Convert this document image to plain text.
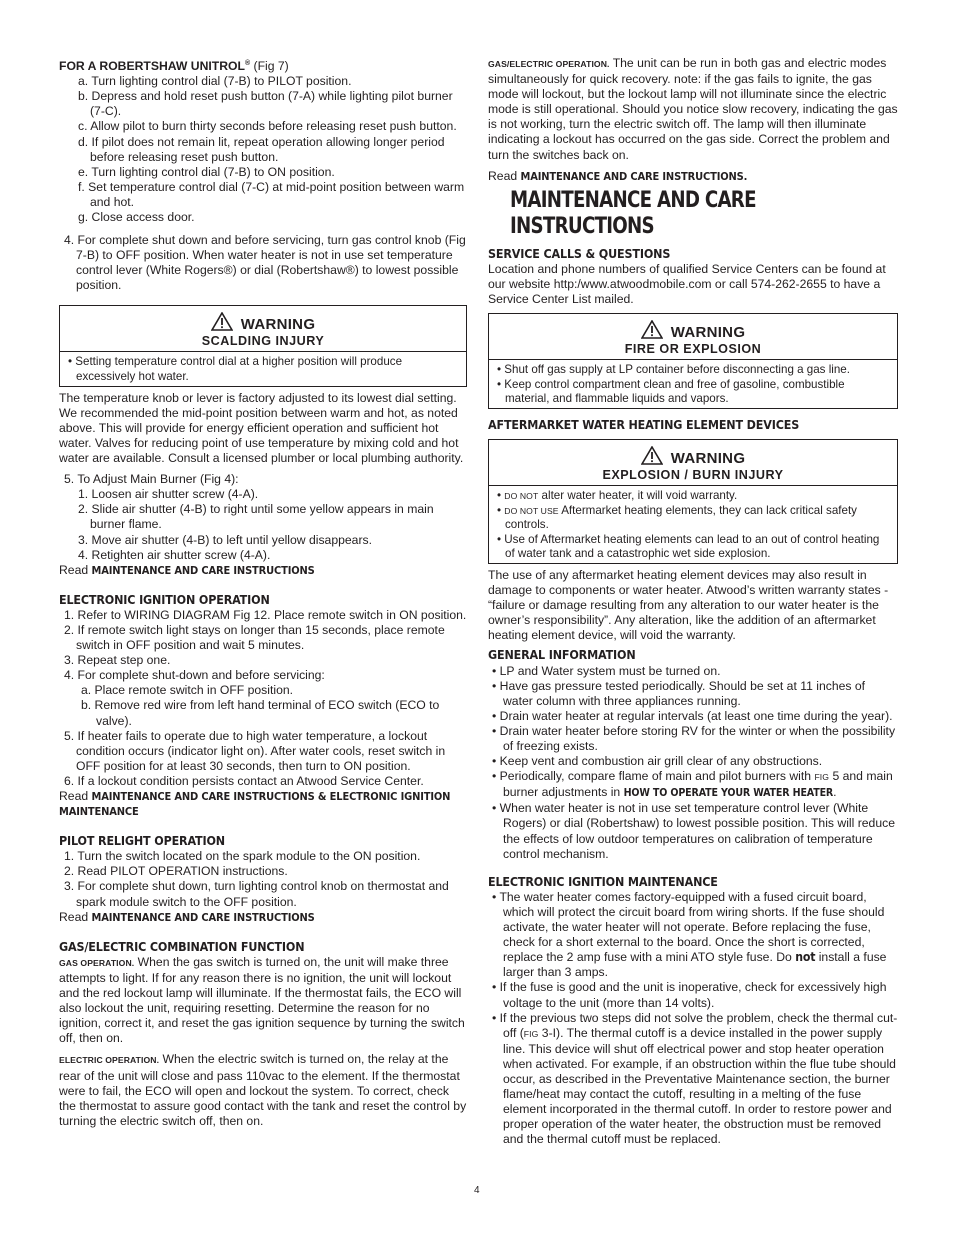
FOR A ROBERTSHAW UNITROL® (Fig 7)

a. Turn lighting control dial (7-B) to PILOT position.

b. Depress and hold reset push button (7-A) while lighting pilot burner (7-C).

c. Allow pilot to burn thirty seconds before releasing reset push button.

d. If pilot does not remain lit, repeat operation allowing longer period before releasing reset push button.

e. Turn lighting control dial (7-B) to ON position.

f. Set temperature control dial (7-C) at mid-point position between warm and hot.

g. Close access door.

4. For complete shut down and before servicing, turn gas control knob (Fig 7-B) to OFF position. When water heater is not in use set temperature control lever (White Rogers®) or dial (Robertshaw®) to lowest possible position.

WARNING
SCALDING INJURY

• Setting temperature control dial at a higher position will produce excessively hot water.

The temperature knob or lever is factory adjusted to its lowest dial setting. We recommended the mid-point position between warm and hot, as noted above. This will provide for energy efficient operation and sufficient hot water. Valves for reducing point of use temperature by mixing cold and hot water are available. Consult a licensed plumber or local plumbing authority.

5. To Adjust Main Burner (Fig 4):

1. Loosen air shutter screw (4-A).

2. Slide air shutter (4-B) to right until some yellow appears in main burner flame.

3. Move air shutter (4-B) to left until yellow disappears.

4. Retighten air shutter screw (4-A).

Read MAINTENANCE AND CARE INSTRUCTIONS

ELECTRONIC IGNITION OPERATION

1. Refer to WIRING DIAGRAM Fig 12. Place remote switch in ON position.

2. If remote switch light stays on longer than 15 seconds, place remote switch in OFF position and wait 5 minutes.

3. Repeat step one.

4. For complete shut-down and before servicing:

a. Place remote switch in OFF position.

b. Remove red wire from left hand terminal of ECO switch (ECO to valve).

5. If heater fails to operate due to high water temperature, a lockout condition occurs (indicator light on). After water cools, reset switch in OFF position for at least 30 seconds, then turn to ON position.

6. If a lockout condition persists contact an Atwood Service Center.

Read MAINTENANCE AND CARE INSTRUCTIONS & ELECTRONIC IGNITION MAINTENANCE

PILOT RELIGHT OPERATION

1. Turn the switch located on the spark module to the ON position.

2. Read PILOT OPERATION instructions.

3. For complete shut down, turn lighting control knob on thermostat and spark module switch to the OFF position.

Read MAINTENANCE AND CARE INSTRUCTIONS

GAS/ELECTRIC COMBINATION FUNCTION

GAS OPERATION. When the gas switch is turned on, the unit will make three attempts to light. If for any reason there is no ignition, the unit will lockout and the red lockout lamp will illuminate. If the thermostat fails, the ECO will also lockout the unit, requiring resetting. Determine the reason for no ignition, correct it, and reset the gas ignition sequence by turning the switch off, then on.

ELECTRIC OPERATION. When the electric switch is turned on, the relay at the rear of the unit will close and pass 110vac to the element. If the thermostat were to fail, the ECO will open and lockout the system. To correct, check the thermostat to assure good contact with the tank and reset the control by turning the electric switch off, then on.

GAS/ELECTRIC OPERATION. The unit can be run in both gas and electric modes simultaneously for quick recovery. note: if the gas fails to ignite, the gas mode will lockout, but the lockout lamp will not illuminate since the electric mode is still operational. Should you notice slow recovery, indicating the gas is not working, turn the electric switch off. The lamp will then illuminate indicating a lockout has occurred on the gas side. Correct the problem and turn the switches back on.

Read MAINTENANCE AND CARE INSTRUCTIONS.

MAINTENANCE AND CARE INSTRUCTIONS

SERVICE CALLS & QUESTIONS

Location and phone numbers of qualified Service Centers can be found at our website http:/www.atwoodmobile.com or call 574-262-2655 to have a Service Center List mailed.

WARNING
FIRE OR EXPLOSION

• Shut off gas supply at LP container before disconnecting a gas line.

• Keep control compartment clean and free of gasoline, combustible material, and flammable liquids and vapors.

AFTERMARKET WATER HEATING ELEMENT DEVICES

WARNING
EXPLOSION / BURN INJURY

• DO NOT alter water heater, it will void warranty.

• DO NOT USE Aftermarket heating elements, they can lack critical safety controls.

• Use of Aftermarket heating elements can lead to an out of control heating of water tank and a catastrophic wet side explosion.

The use of any aftermarket heating element devices may also result in damage to components or water heater. Atwood’s written warranty states - “failure or damage resulting from any alteration to our water heater is the owner’s responsibility”. Any alteration, like the addition of an aftermarket heating element device, will void the warranty.

GENERAL INFORMATION

• LP and Water system must be turned on.

• Have gas pressure tested periodically. Should be set at 11 inches of water column with three appliances running.

• Drain water heater at regular intervals (at least one time during the year).

• Drain water heater before storing RV for the winter or when the possibility of freezing exists.

• Keep vent and combustion air grill clear of any obstructions.

• Periodically, compare flame of main and pilot burners with FIG 5 and main burner adjustments in HOW TO OPERATE YOUR WATER HEATER.

• When water heater is not in use set temperature control lever (White Rogers) or dial (Robertshaw) to lowest possible position. This will reduce the effects of low outdoor temperatures on calibration of temperature control mechanism.

ELECTRONIC IGNITION MAINTENANCE

• The water heater comes factory-equipped with a fused circuit board, which will protect the circuit board from wiring shorts. If the fuse should activate, the water heater will not operate. Before replacing the fuse, check for a short external to the board. Once the short is corrected, replace the 2 amp fuse with a mini ATO style fuse. Do not install a fuse larger than 3 amps.

• If the fuse is good and the unit is inoperative, check for excessively high voltage to the unit (more than 14 volts).

• If the previous two steps did not solve the problem, check the thermal cut-off (FIG 3-I). The thermal cutoff is a device installed in the power supply line. This device will shut off electrical power and stop heater operation when activated. For example, if an obstruction within the flue tube should occur, as described in the Preventative Maintenance section, the burner flame/heat may contact the cutoff, resulting in a melting of the fuse element incorporated in the thermal cutoff. In order to restore power and proper operation of the water heater, the obstruction must be removed and the thermal cutoff must be replaced.

4
